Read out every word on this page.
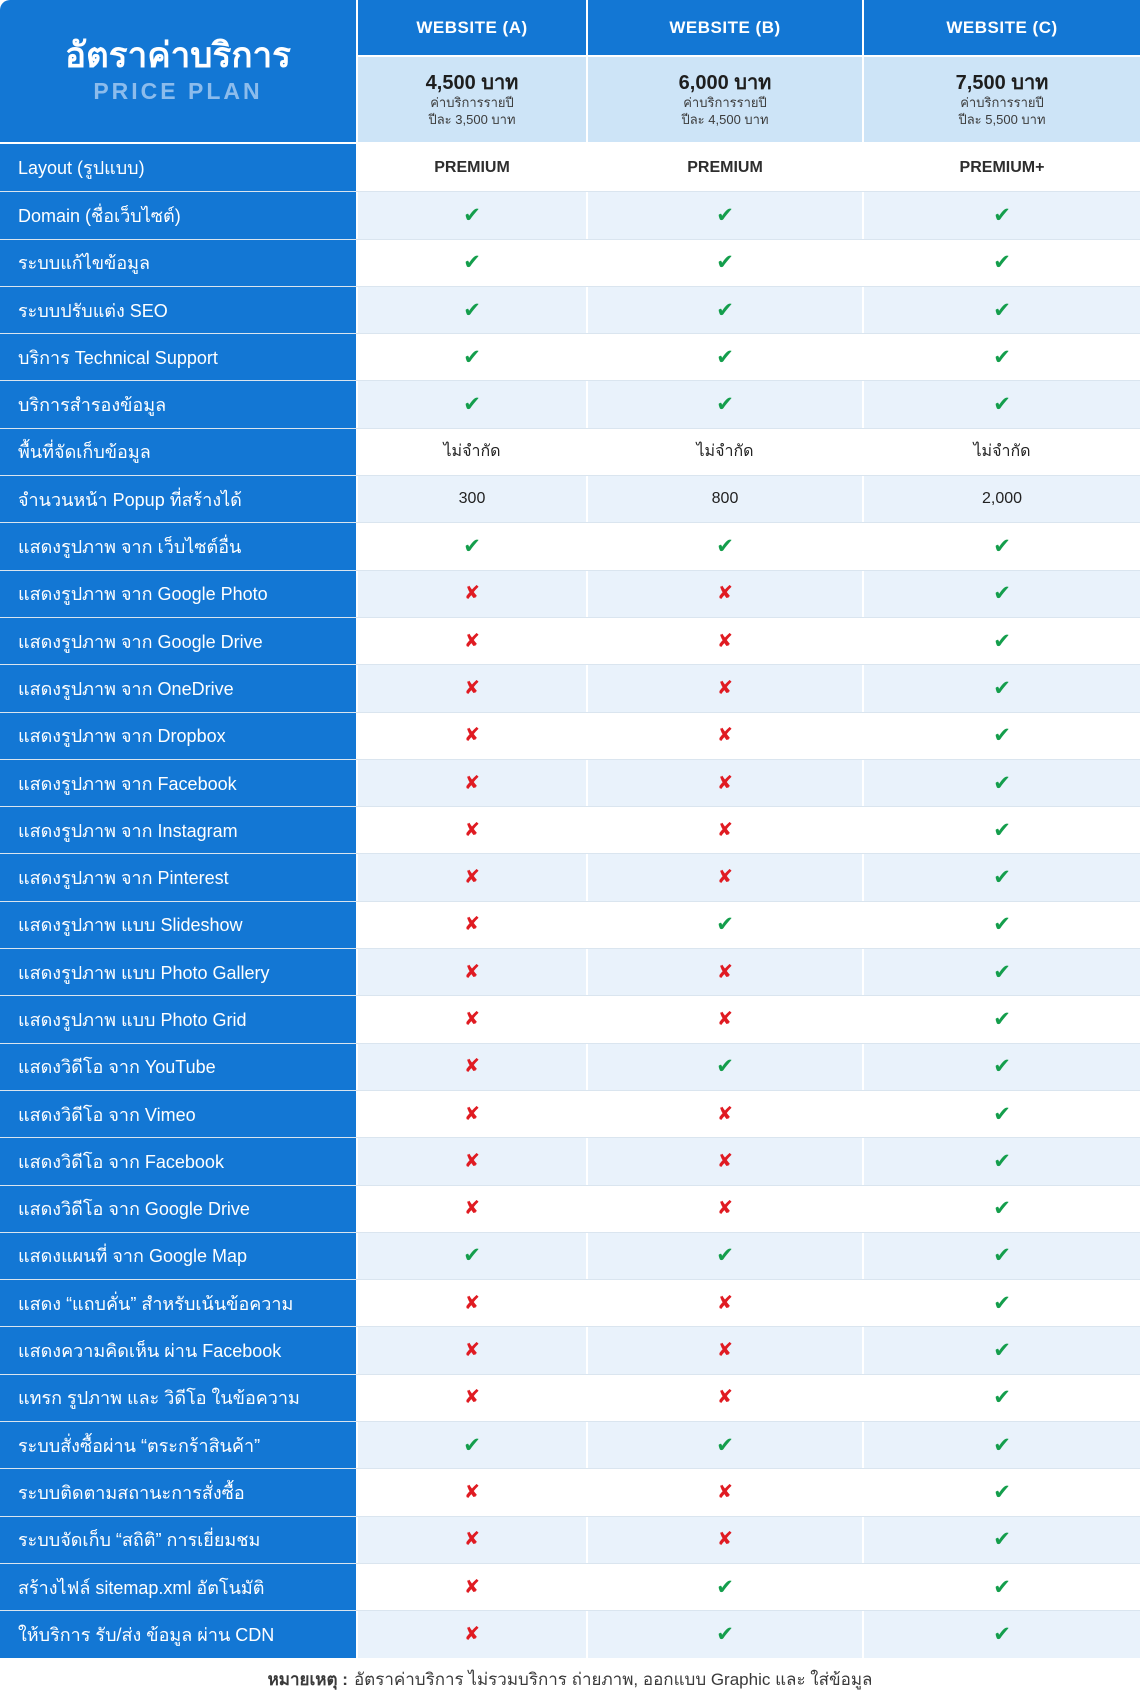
อัตราค่าบริการ
PRICE PLAN
WEBSITE (A)	WEBSITE (B)	WEBSITE (C)
4,500 บาท
ค่าบริการรายปี
ปีละ 3,500 บาท
6,000 บาท
ค่าบริการรายปี
ปีละ 4,500 บาท
7,500 บาท
ค่าบริการรายปี
ปีละ 5,500 บาท
Layout (รูปแบบ)	PREMIUM	PREMIUM	PREMIUM+
Domain (ชื่อเว็บไซต์)	✔	✔	✔
ระบบแก้ไขข้อมูล	✔	✔	✔
ระบบปรับแต่ง SEO	✔	✔	✔
บริการ Technical Support	✔	✔	✔
บริการสำรองข้อมูล	✔	✔	✔
พื้นที่จัดเก็บข้อมูล	ไม่จำกัด	ไม่จำกัด	ไม่จำกัด
จำนวนหน้า Popup ที่สร้างได้	300	800	2,000
แสดงรูปภาพ จาก เว็บไซต์อื่น	✔	✔	✔
แสดงรูปภาพ จาก Google Photo	✘	✘	✔
แสดงรูปภาพ จาก Google Drive	✘	✘	✔
แสดงรูปภาพ จาก OneDrive	✘	✘	✔
แสดงรูปภาพ จาก Dropbox	✘	✘	✔
แสดงรูปภาพ จาก Facebook	✘	✘	✔
แสดงรูปภาพ จาก Instagram	✘	✘	✔
แสดงรูปภาพ จาก Pinterest	✘	✘	✔
แสดงรูปภาพ แบบ Slideshow	✘	✔	✔
แสดงรูปภาพ แบบ Photo Gallery	✘	✘	✔
แสดงรูปภาพ แบบ Photo Grid	✘	✘	✔
แสดงวิดีโอ จาก YouTube	✘	✔	✔
แสดงวิดีโอ จาก Vimeo	✘	✘	✔
แสดงวิดีโอ จาก Facebook	✘	✘	✔
แสดงวิดีโอ จาก Google Drive	✘	✘	✔
แสดงแผนที่ จาก Google Map	✔	✔	✔
แสดง “แถบคั่น” สำหรับเน้นข้อความ	✘	✘	✔
แสดงความคิดเห็น ผ่าน Facebook	✘	✘	✔
แทรก รูปภาพ และ วิดีโอ ในข้อความ	✘	✘	✔
ระบบสั่งซื้อผ่าน “ตระกร้าสินค้า”	✔	✔	✔
ระบบติดตามสถานะการสั่งซื้อ	✘	✘	✔
ระบบจัดเก็บ “สถิติ” การเยี่ยมชม	✘	✘	✔
สร้างไฟล์ sitemap.xml อัตโนมัติ	✘	✔	✔
ให้บริการ รับ/ส่ง ข้อมูล ผ่าน CDN	✘	✔	✔
หมายเหตุ : อัตราค่าบริการ ไม่รวมบริการ ถ่ายภาพ, ออกแบบ Graphic และ ใส่ข้อมูล
